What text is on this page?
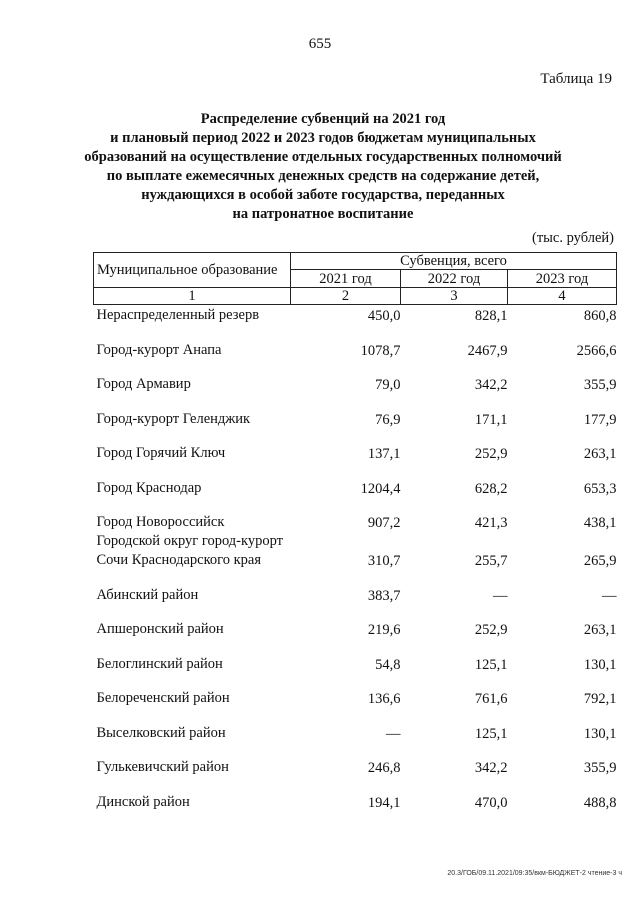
655
Таблица 19
Распределение субвенций на 2021 год
и плановый период 2022 и 2023 годов бюджетам муниципальных
образований на осуществление отдельных государственных полномочий
по выплате ежемесячных денежных средств на содержание детей,
нуждающихся в особой заботе государства, переданных
на патронатное воспитание
(тыс. рублей)
Муниципальное образование	Субвенция, всего		
	2021 год	2022 год	2023 год
1	2	3	4

Нераспределенный резерв	450,0	828,1	860,8

Город-курорт Анапа	1078,7	2467,9	2566,6

Город Армавир	79,0	342,2	355,9

Город-курорт Геленджик	76,9	171,1	177,9

Город Горячий Ключ	137,1	252,9	263,1

Город Краснодар	1204,4	628,2	653,3

Город Новороссийск	907,2	421,3	438,1

Городской округ город-курорт
Сочи Краснодарского края	310,7	255,7	265,9

Абинский район	383,7	—	—

Апшеронский район	219,6	252,9	263,1

Белоглинский район	54,8	125,1	130,1

Белореченский район	136,6	761,6	792,1

Выселковский район	—	125,1	130,1

Гулькевичский район	246,8	342,2	355,9

Динской район	194,1	470,0	488,8
20.3/ГОБ/09.11.2021/09:35/вкм-БЮДЖЕТ-2 чтение-3 ч
